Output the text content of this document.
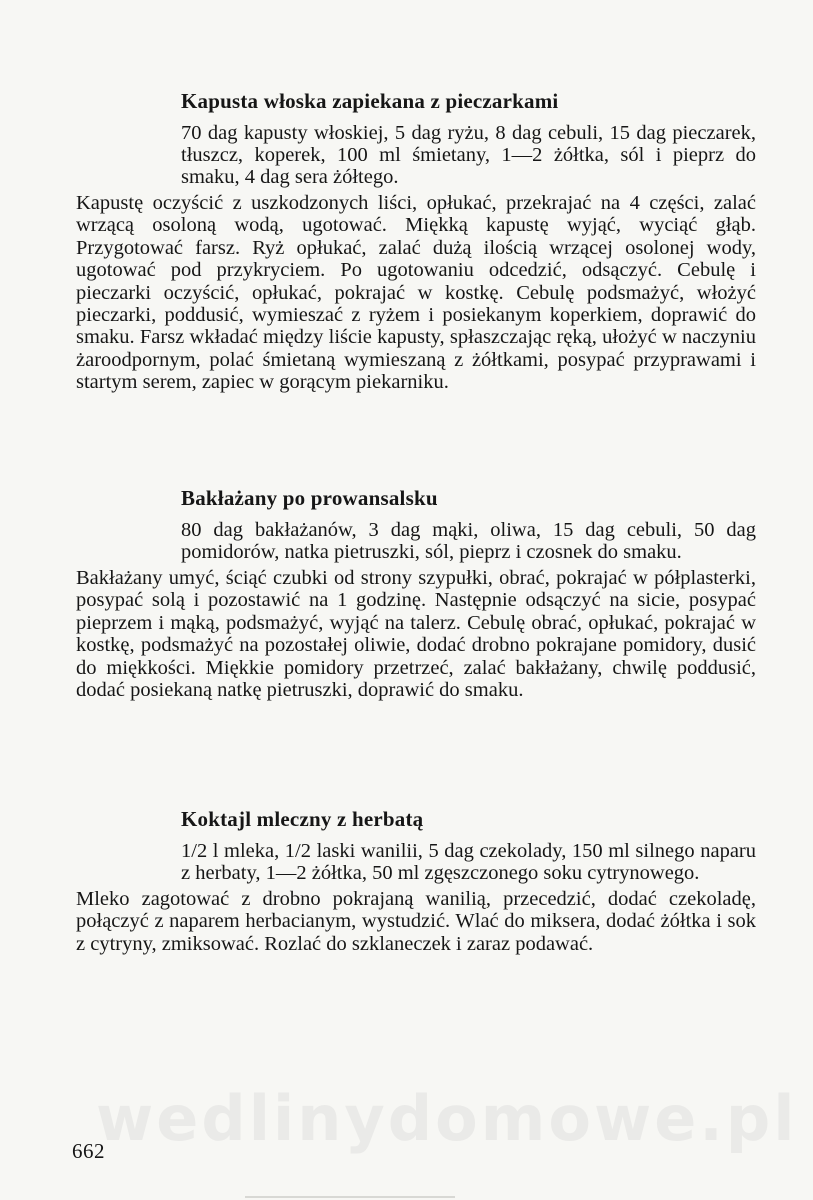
Kapusta włoska zapiekana z pieczarkami

70 dag kapusty włoskiej, 5 dag ryżu, 8 dag cebuli, 15 dag pieczarek, tłuszcz, koperek, 100 ml śmietany, 1—2 żółtka, sól i pieprz do smaku, 4 dag sera żółtego.

Kapustę oczyścić z uszkodzonych liści, opłukać, przekrajać na 4 części, zalać wrzącą osoloną wodą, ugotować. Miękką kapustę wyjąć, wyciąć głąb. Przygotować farsz. Ryż opłukać, zalać dużą ilością wrzącej osolonej wody, ugotować pod przykryciem. Po ugotowaniu odcedzić, odsączyć. Cebulę i pieczarki oczyścić, opłukać, pokrajać w kostkę. Cebulę podsmażyć, włożyć pieczarki, poddusić, wymieszać z ryżem i posiekanym koperkiem, doprawić do smaku. Farsz wkładać między liście kapusty, spłaszczając ręką, ułożyć w naczyniu żaroodpornym, polać śmietaną wymieszaną z żółtkami, posypać przyprawami i startym serem, zapiec w gorącym piekarniku.

Bakłażany po prowansalsku

80 dag bakłażanów, 3 dag mąki, oliwa, 15 dag cebuli, 50 dag pomidorów, natka pietruszki, sól, pieprz i czosnek do smaku.

Bakłażany umyć, ściąć czubki od strony szypułki, obrać, pokrajać w półplasterki, posypać solą i pozostawić na 1 godzinę. Następnie odsączyć na sicie, posypać pieprzem i mąką, podsmażyć, wyjąć na talerz. Cebulę obrać, opłukać, pokrajać w kostkę, podsmażyć na pozostałej oliwie, dodać drobno pokrajane pomidory, dusić do miękkości. Miękkie pomidory przetrzeć, zalać bakłażany, chwilę poddusić, dodać posiekaną natkę pietruszki, doprawić do smaku.

Koktajl mleczny z herbatą

1/2 l mleka, 1/2 laski wanilii, 5 dag czekolady, 150 ml silnego naparu z herbaty, 1—2 żółtka, 50 ml zgęszczonego soku cytrynowego.

Mleko zagotować z drobno pokrajaną wanilią, przecedzić, dodać czekoladę, połączyć z naparem herbacianym, wystudzić. Wlać do miksera, dodać żółtka i sok z cytryny, zmiksować. Rozlać do szklaneczek i zaraz podawać.

wedlinydomowe.pl
662
